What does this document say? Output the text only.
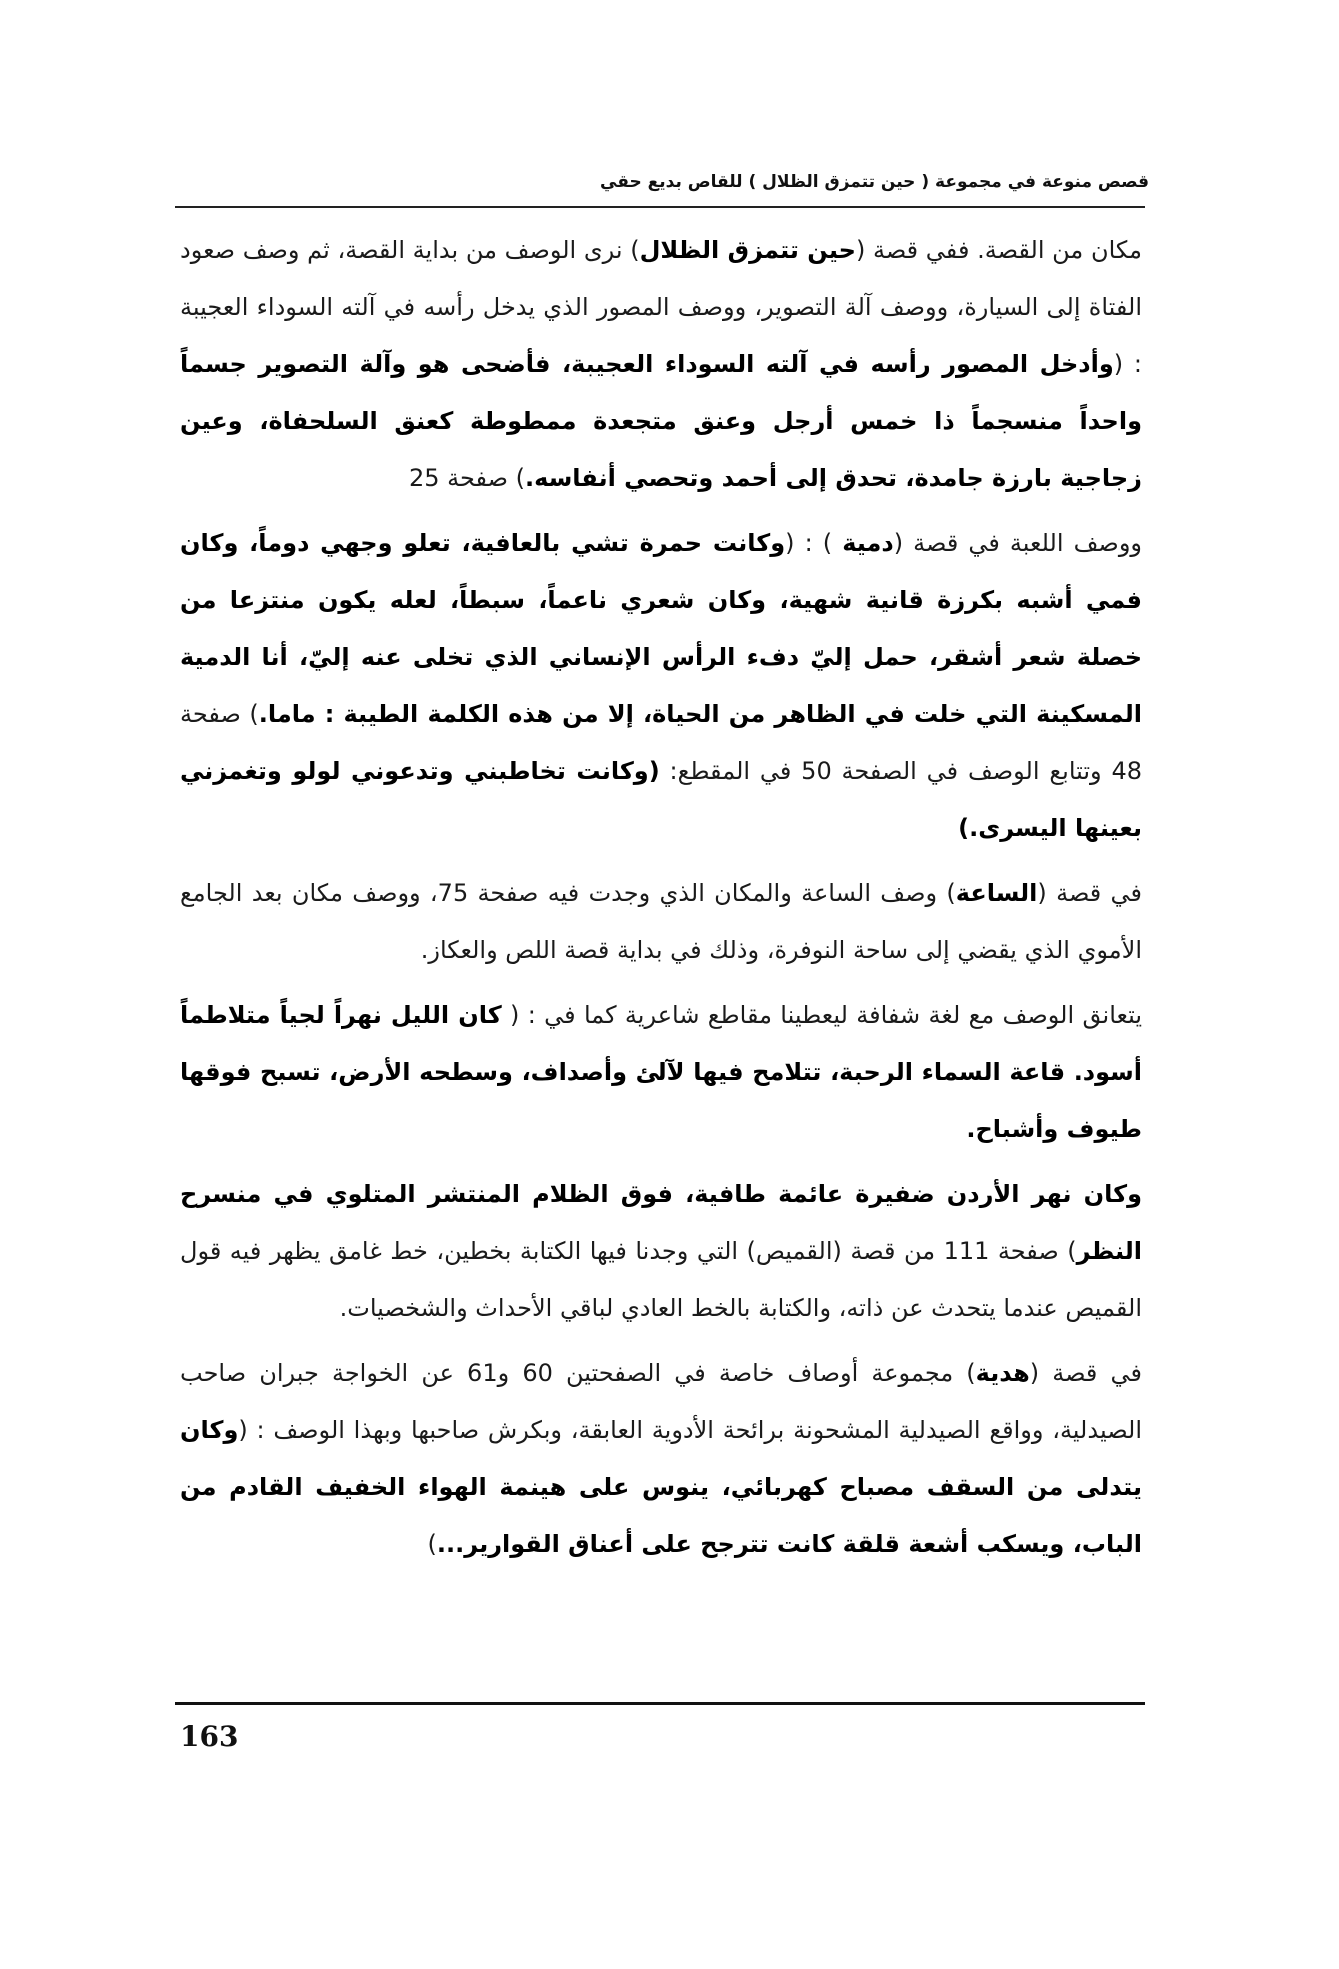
قصص منوعة في مجموعة ( حين تتمزق الظلال ) للقاص بديع حقي

مكان من القصة. ففي قصة (حين تتمزق الظلال) نرى الوصف من بداية القصة، ثم وصف صعود الفتاة إلى السيارة، ووصف آلة التصوير، ووصف المصور الذي يدخل رأسه في آلته السوداء العجيبة : (وأدخل المصور رأسه في آلته السوداء العجيبة، فأضحى هو وآلة التصوير جسماً واحداً منسجماً ذا خمس أرجل وعنق متجعدة ممطوطة كعنق السلحفاة، وعين زجاجية بارزة جامدة، تحدق إلى أحمد وتحصي أنفاسه.) صفحة 25

ووصف اللعبة في قصة (دمية ) : (وكانت حمرة تشي بالعافية، تعلو وجهي دوماً، وكان فمي أشبه بكرزة قانية شهية، وكان شعري ناعماً، سبطاً، لعله يكون منتزعا من خصلة شعر أشقر، حمل إليّ دفء الرأس الإنساني الذي تخلى عنه إليّ، أنا الدمية المسكينة التي خلت في الظاهر من الحياة، إلا من هذه الكلمة الطيبة : ماما.) صفحة 48 وتتابع الوصف في الصفحة 50 في المقطع: (وكانت تخاطبني وتدعوني لولو وتغمزني بعينها اليسرى.)

في قصة (الساعة) وصف الساعة والمكان الذي وجدت فيه صفحة 75، ووصف مكان بعد الجامع الأموي الذي يقضي إلى ساحة النوفرة، وذلك في بداية قصة اللص والعكاز.

يتعانق الوصف مع لغة شفافة ليعطينا مقاطع شاعرية كما في : ( كان الليل نهراً لجياً متلاطماً أسود. قاعة السماء الرحبة، تتلامح فيها لآلئ وأصداف، وسطحه الأرض، تسبح فوقها طيوف وأشباح.

وكان نهر الأردن ضفيرة عائمة طافية، فوق الظلام المنتشر المتلوي في منسرح النظر) صفحة 111 من قصة (القميص) التي وجدنا فيها الكتابة بخطين، خط غامق يظهر فيه قول القميص عندما يتحدث عن ذاته، والكتابة بالخط العادي لباقي الأحداث والشخصيات.

في قصة (هدية) مجموعة أوصاف خاصة في الصفحتين 60 و61 عن الخواجة جبران صاحب الصيدلية، وواقع الصيدلية المشحونة برائحة الأدوية العابقة، وبكرش صاحبها وبهذا الوصف : (وكان يتدلى من السقف مصباح كهربائي، ينوس على هينمة الهواء الخفيف القادم من الباب، ويسكب أشعة قلقة كانت تترجح على أعناق القوارير...)

163
